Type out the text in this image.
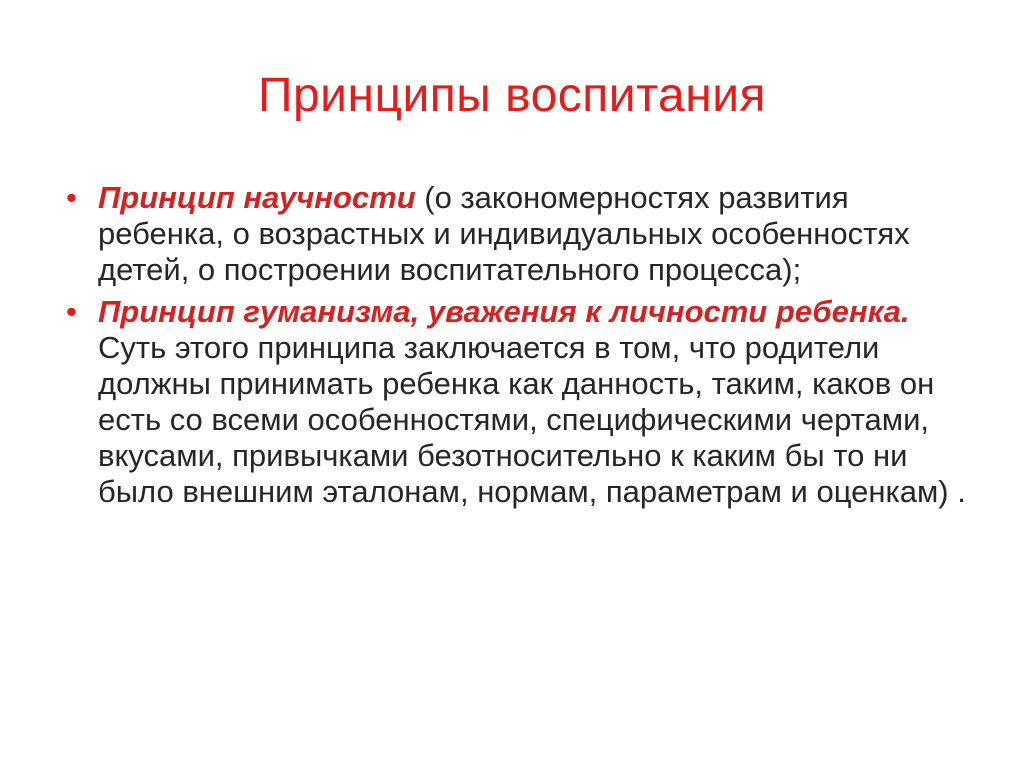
Принципы воспитания
• Принцип научности (о закономерностях развития ребенка, о возрастных и индивидуальных особенностях детей, о построении воспитательного процесса);
• Принцип гуманизма, уважения к личности ребенка. Суть этого принципа заключается в том, что родители должны принимать ребенка как данность, таким, каков он есть со всеми особенностями, специфическими чертами, вкусами, привычками безотносительно к каким бы то ни было внешним эталонам, нормам, параметрам и оценкам) .
